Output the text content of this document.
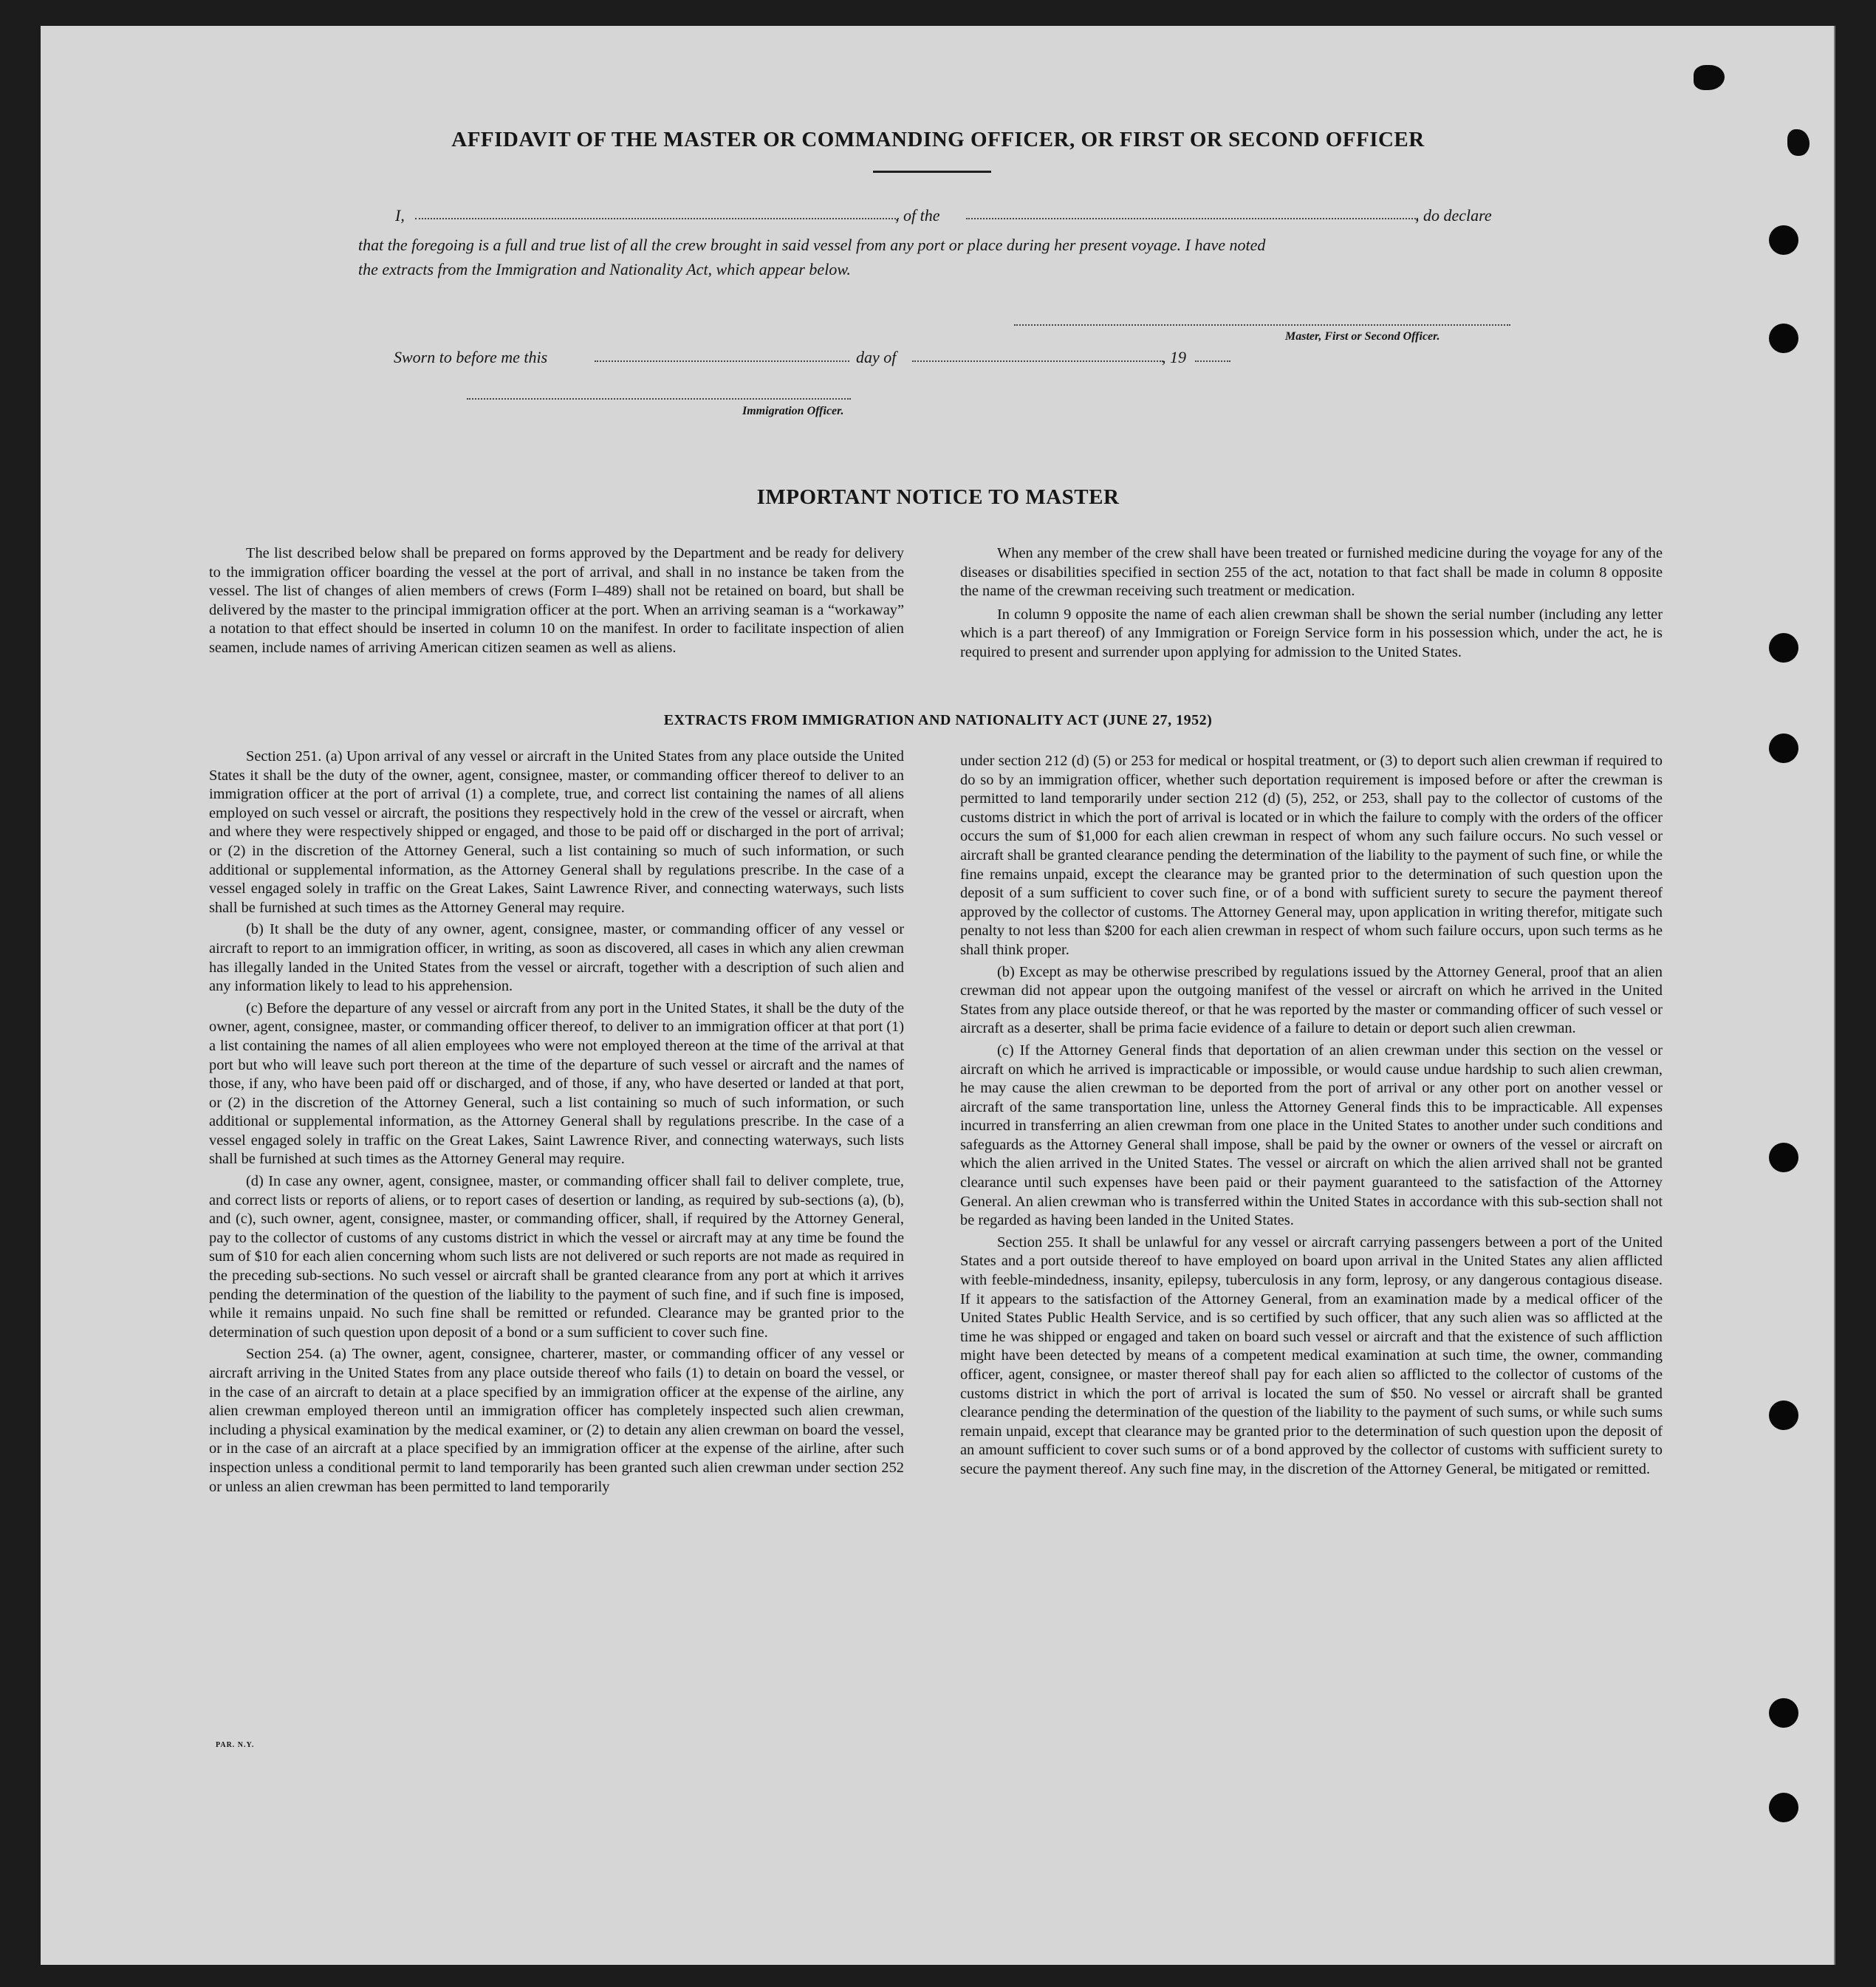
AFFIDAVIT OF THE MASTER OR COMMANDING OFFICER, OR FIRST OR SECOND OFFICER
I,	, of the	, do declare
that the foregoing is a full and true list of all the crew brought in said vessel from any port or place during her present voyage. I have noted
the extracts from the Immigration and Nationality Act, which appear below.
Master, First or Second Officer.
Sworn to before me this	day of	, 19
Immigration Officer.
IMPORTANT NOTICE TO MASTER

The list described below shall be prepared on forms approved by the Department and be ready for delivery to the immigration officer boarding the vessel at the port of arrival, and shall in no instance be taken from the vessel. The list of changes of alien members of crews (Form I–489) shall not be retained on board, but shall be delivered by the master to the principal immigration officer at the port. When an arriving seaman is a “workaway” a notation to that effect should be inserted in column 10 on the manifest. In order to facilitate inspection of alien seamen, include names of arriving American citizen seamen as well as aliens.

When any member of the crew shall have been treated or furnished medicine during the voyage for any of the diseases or disabilities specified in section 255 of the act, notation to that fact shall be made in column 8 opposite the name of the crewman receiving such treatment or medication.

In column 9 opposite the name of each alien crewman shall be shown the serial number (including any letter which is a part thereof) of any Immigration or Foreign Service form in his possession which, under the act, he is required to present and surrender upon applying for admission to the United States.

EXTRACTS FROM IMMIGRATION AND NATIONALITY ACT (JUNE 27, 1952)

Section 251. (a) Upon arrival of any vessel or aircraft in the United States from any place outside the United States it shall be the duty of the owner, agent, consignee, master, or commanding officer thereof to deliver to an immigration officer at the port of arrival (1) a complete, true, and correct list containing the names of all aliens employed on such vessel or aircraft, the positions they respectively hold in the crew of the vessel or aircraft, when and where they were respectively shipped or engaged, and those to be paid off or discharged in the port of arrival; or (2) in the discretion of the Attorney General, such a list containing so much of such information, or such additional or supplemental information, as the Attorney General shall by regulations prescribe. In the case of a vessel engaged solely in traffic on the Great Lakes, Saint Lawrence River, and connecting waterways, such lists shall be furnished at such times as the Attorney General may require.

(b) It shall be the duty of any owner, agent, consignee, master, or commanding officer of any vessel or aircraft to report to an immigration officer, in writing, as soon as discovered, all cases in which any alien crewman has illegally landed in the United States from the vessel or aircraft, together with a description of such alien and any information likely to lead to his apprehension.

(c) Before the departure of any vessel or aircraft from any port in the United States, it shall be the duty of the owner, agent, consignee, master, or commanding officer thereof, to deliver to an immigration officer at that port (1) a list containing the names of all alien employees who were not employed thereon at the time of the arrival at that port but who will leave such port thereon at the time of the departure of such vessel or aircraft and the names of those, if any, who have been paid off or discharged, and of those, if any, who have deserted or landed at that port, or (2) in the discretion of the Attorney General, such a list containing so much of such information, or such additional or supplemental information, as the Attorney General shall by regulations prescribe. In the case of a vessel engaged solely in traffic on the Great Lakes, Saint Lawrence River, and connecting waterways, such lists shall be furnished at such times as the Attorney General may require.

(d) In case any owner, agent, consignee, master, or commanding officer shall fail to deliver complete, true, and correct lists or reports of aliens, or to report cases of desertion or landing, as required by sub-sections (a), (b), and (c), such owner, agent, consignee, master, or commanding officer, shall, if required by the Attorney General, pay to the collector of customs of any customs district in which the vessel or aircraft may at any time be found the sum of $10 for each alien concerning whom such lists are not delivered or such reports are not made as required in the preceding sub-sections. No such vessel or aircraft shall be granted clearance from any port at which it arrives pending the determination of the question of the liability to the payment of such fine, and if such fine is imposed, while it remains unpaid. No such fine shall be remitted or refunded. Clearance may be granted prior to the determination of such question upon deposit of a bond or a sum sufficient to cover such fine.

Section 254. (a) The owner, agent, consignee, charterer, master, or commanding officer of any vessel or aircraft arriving in the United States from any place outside thereof who fails (1) to detain on board the vessel, or in the case of an aircraft to detain at a place specified by an immigration officer at the expense of the airline, any alien crewman employed thereon until an immigration officer has completely inspected such alien crewman, including a physical examination by the medical examiner, or (2) to detain any alien crewman on board the vessel, or in the case of an aircraft at a place specified by an immigration officer at the expense of the airline, after such inspection unless a conditional permit to land temporarily has been granted such alien crewman under section 252 or unless an alien crewman has been permitted to land temporarily

under section 212 (d) (5) or 253 for medical or hospital treatment, or (3) to deport such alien crewman if required to do so by an immigration officer, whether such deportation requirement is imposed before or after the crewman is permitted to land temporarily under section 212 (d) (5), 252, or 253, shall pay to the collector of customs of the customs district in which the port of arrival is located or in which the failure to comply with the orders of the officer occurs the sum of $1,000 for each alien crewman in respect of whom any such failure occurs. No such vessel or aircraft shall be granted clearance pending the determination of the liability to the payment of such fine, or while the fine remains unpaid, except the clearance may be granted prior to the determination of such question upon the deposit of a sum sufficient to cover such fine, or of a bond with sufficient surety to secure the payment thereof approved by the collector of customs. The Attorney General may, upon application in writing therefor, mitigate such penalty to not less than $200 for each alien crewman in respect of whom such failure occurs, upon such terms as he shall think proper.

(b) Except as may be otherwise prescribed by regulations issued by the Attorney General, proof that an alien crewman did not appear upon the outgoing manifest of the vessel or aircraft on which he arrived in the United States from any place outside thereof, or that he was reported by the master or commanding officer of such vessel or aircraft as a deserter, shall be prima facie evidence of a failure to detain or deport such alien crewman.

(c) If the Attorney General finds that deportation of an alien crewman under this section on the vessel or aircraft on which he arrived is impracticable or impossible, or would cause undue hardship to such alien crewman, he may cause the alien crewman to be deported from the port of arrival or any other port on another vessel or aircraft of the same transportation line, unless the Attorney General finds this to be impracticable. All expenses incurred in transferring an alien crewman from one place in the United States to another under such conditions and safeguards as the Attorney General shall impose, shall be paid by the owner or owners of the vessel or aircraft on which the alien arrived in the United States. The vessel or aircraft on which the alien arrived shall not be granted clearance until such expenses have been paid or their payment guaranteed to the satisfaction of the Attorney General. An alien crewman who is transferred within the United States in accordance with this sub-section shall not be regarded as having been landed in the United States.

Section 255. It shall be unlawful for any vessel or aircraft carrying passengers between a port of the United States and a port outside thereof to have employed on board upon arrival in the United States any alien afflicted with feeble-mindedness, insanity, epilepsy, tuberculosis in any form, leprosy, or any dangerous contagious disease. If it appears to the satisfaction of the Attorney General, from an examination made by a medical officer of the United States Public Health Service, and is so certified by such officer, that any such alien was so afflicted at the time he was shipped or engaged and taken on board such vessel or aircraft and that the existence of such affliction might have been detected by means of a competent medical examination at such time, the owner, commanding officer, agent, consignee, or master thereof shall pay for each alien so afflicted to the collector of customs of the customs district in which the port of arrival is located the sum of $50. No vessel or aircraft shall be granted clearance pending the determination of the question of the liability to the payment of such sums, or while such sums remain unpaid, except that clearance may be granted prior to the determination of such question upon the deposit of an amount sufficient to cover such sums or of a bond approved by the collector of customs with sufficient surety to secure the payment thereof. Any such fine may, in the discretion of the Attorney General, be mitigated or remitted.

PAR. N.Y.
